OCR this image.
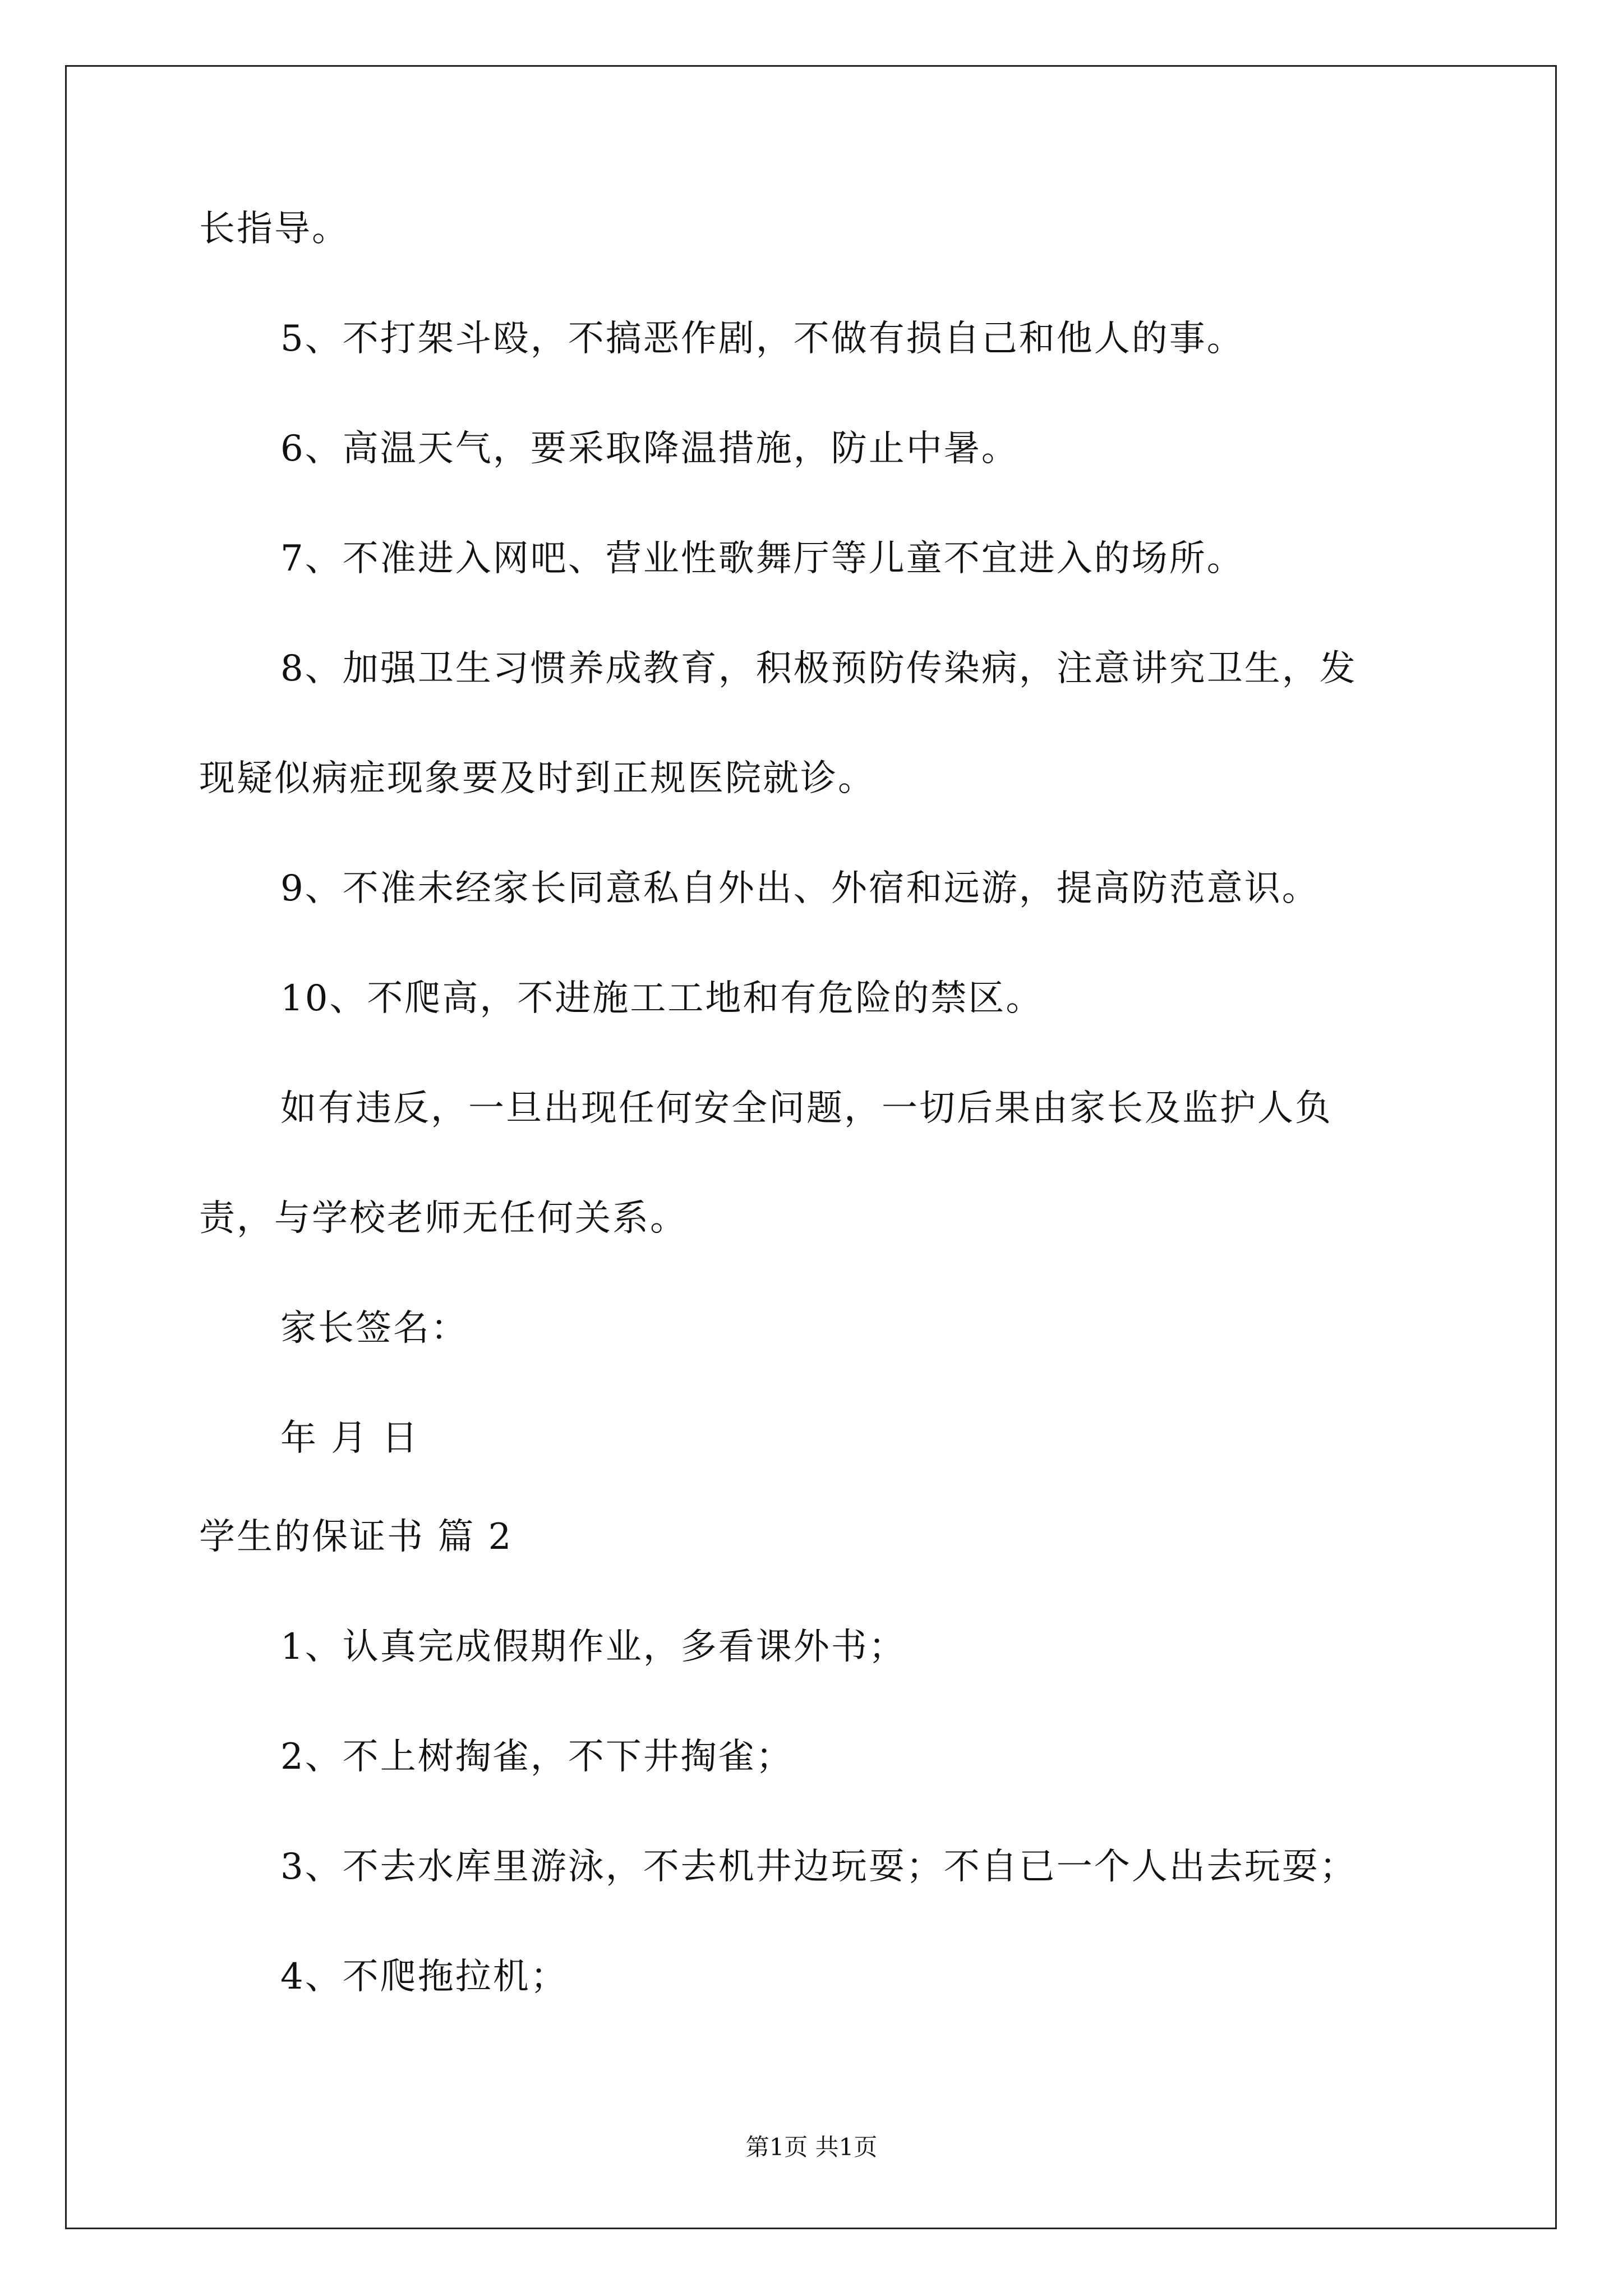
长指导。
5、不打架斗殴，不搞恶作剧，不做有损自己和他人的事。
6、高温天气，要采取降温措施，防止中暑。
7、不准进入网吧、营业性歌舞厅等儿童不宜进入的场所。
8、加强卫生习惯养成教育，积极预防传染病，注意讲究卫生，发
现疑似病症现象要及时到正规医院就诊。
9、不准未经家长同意私自外出、外宿和远游，提高防范意识。
10、不爬高，不进施工工地和有危险的禁区。
如有违反，一旦出现任何安全问题，一切后果由家长及监护人负
责，与学校老师无任何关系。
家长签名：
年 月 日
学生的保证书 篇 2
1、认真完成假期作业，多看课外书；
2、不上树掏雀，不下井掏雀；
3、不去水库里游泳，不去机井边玩耍；不自已一个人出去玩耍；
4、不爬拖拉机；
第1页 共1页
